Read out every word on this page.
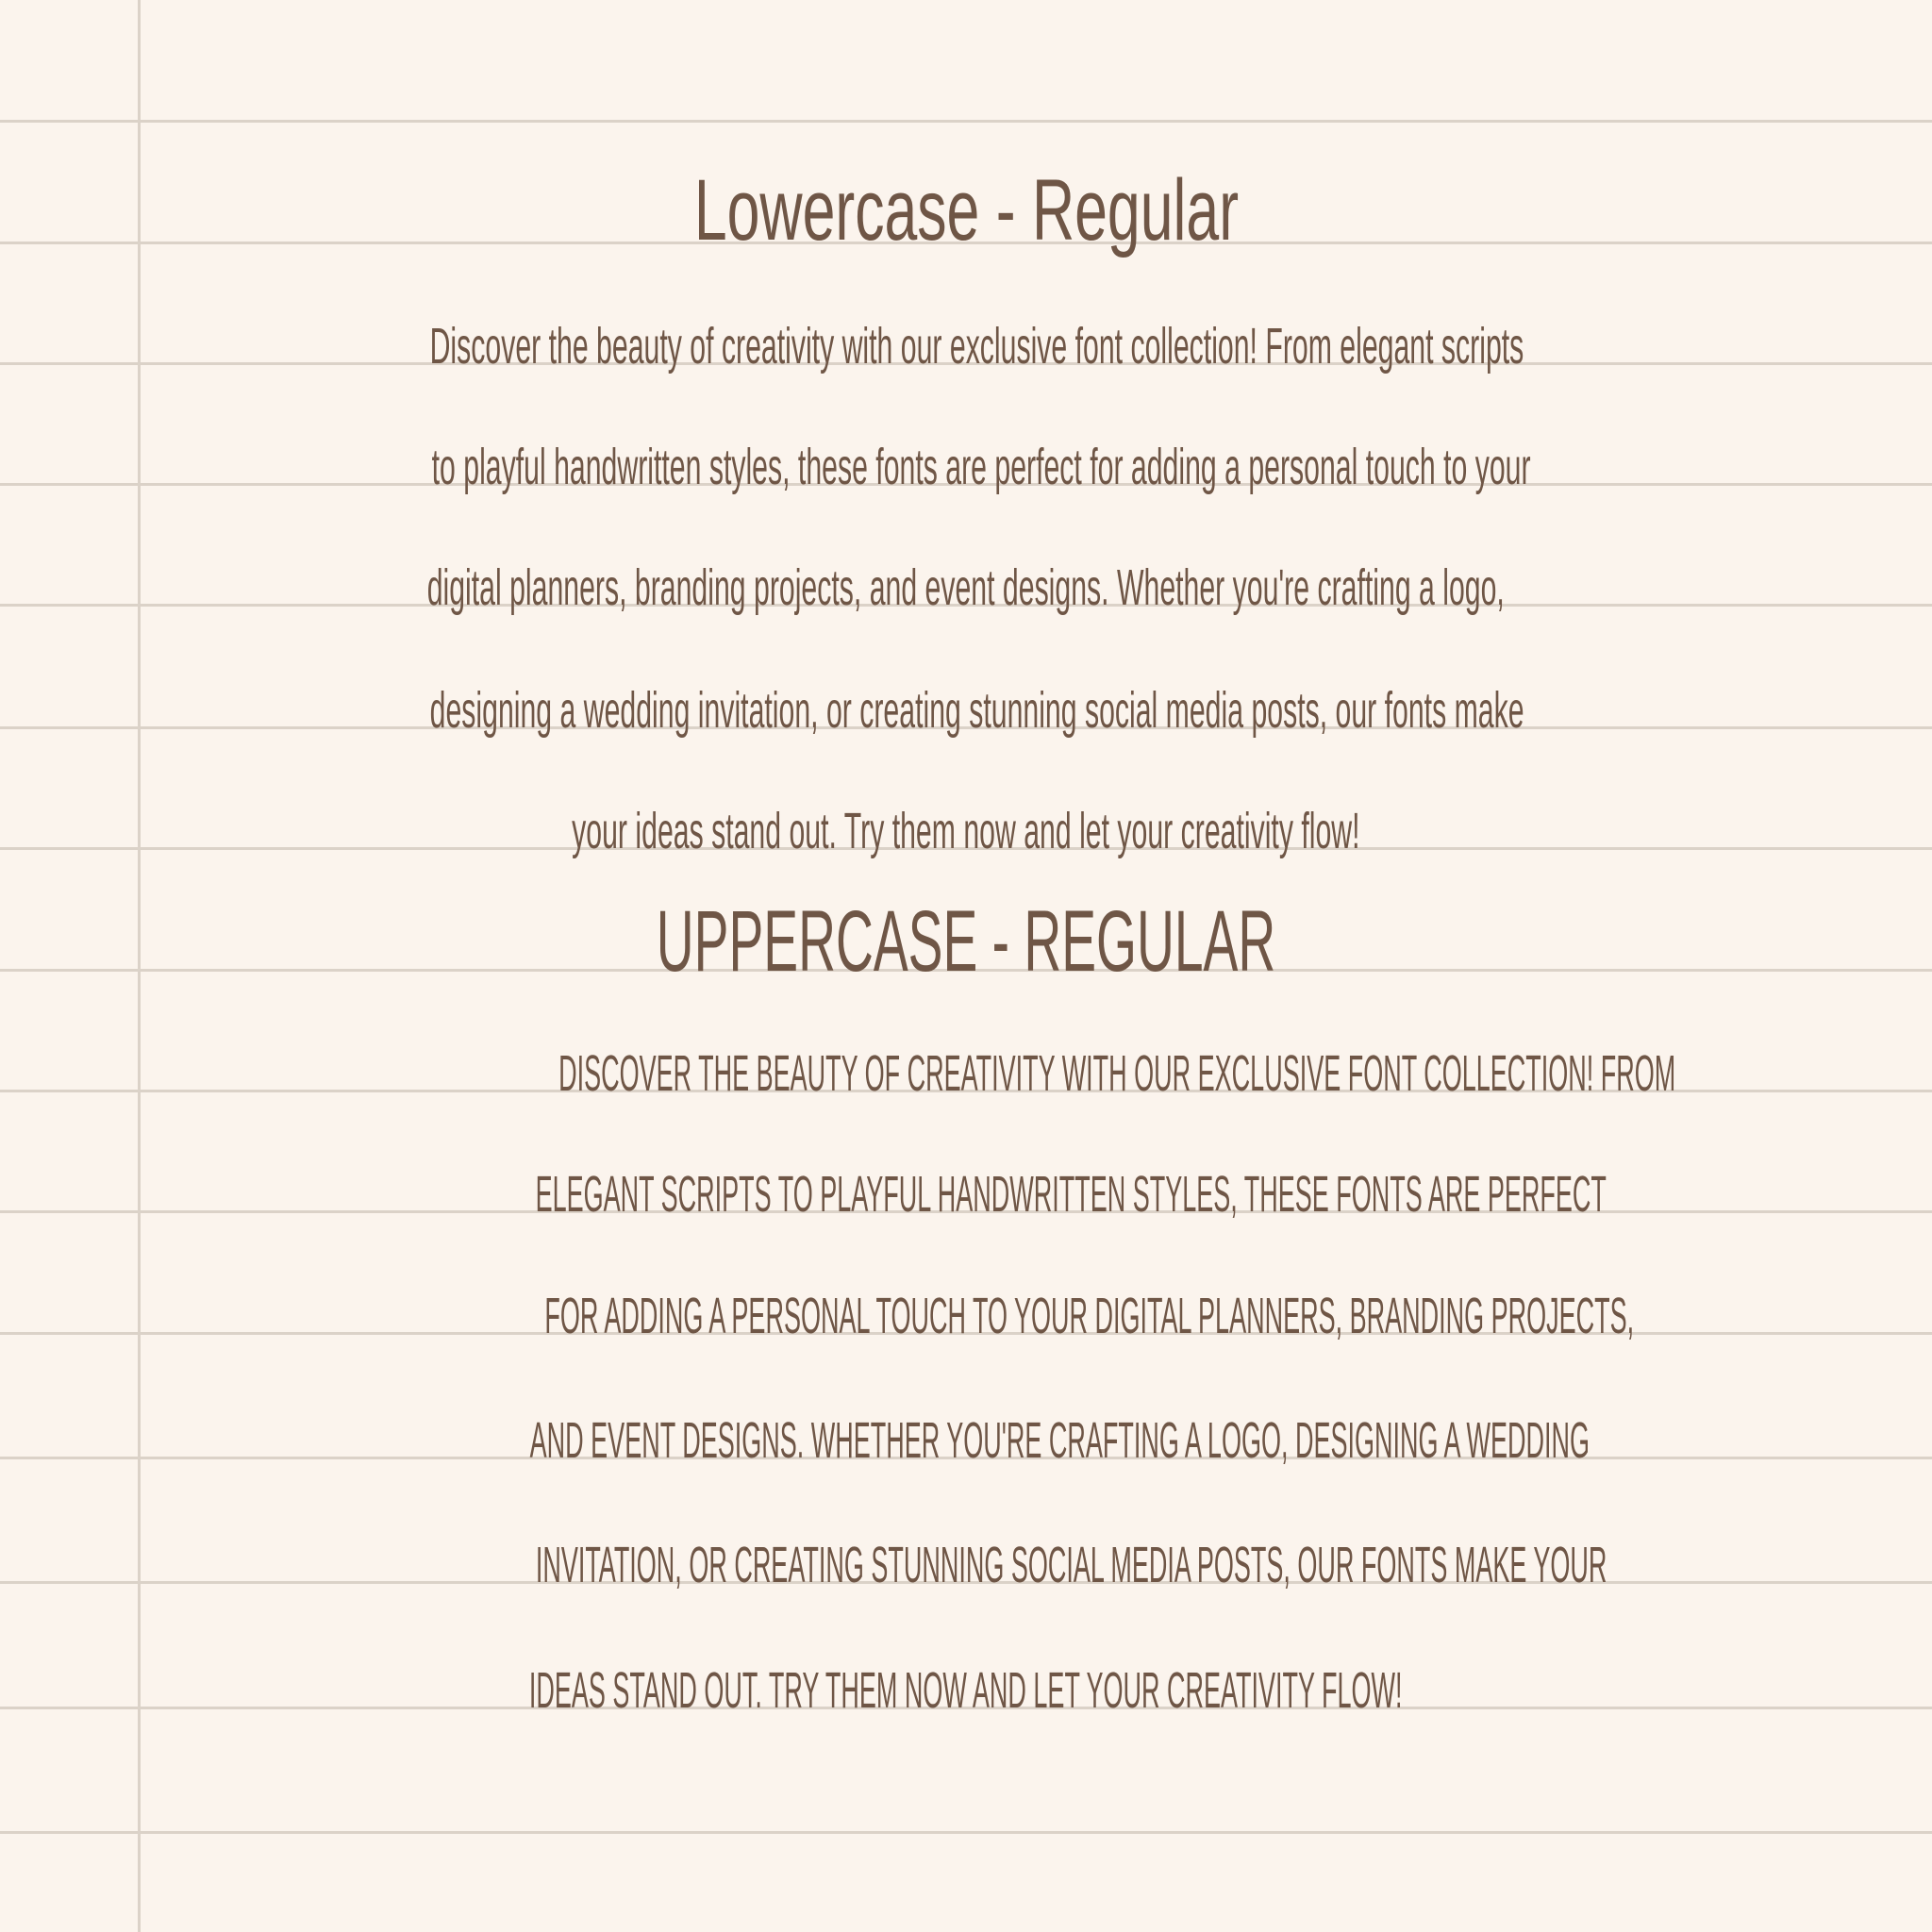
Lowercase - Regular
Discover the beauty of creativity with our exclusive font collection! From elegant scripts
to playful handwritten styles, these fonts are perfect for adding a personal touch to your
digital planners, branding projects, and event designs. Whether you're crafting a logo,
designing a wedding invitation, or creating stunning social media posts, our fonts make
your ideas stand out. Try them now and let your creativity flow!
UPPERCASE - REGULAR
DISCOVER THE BEAUTY OF CREATIVITY WITH OUR EXCLUSIVE FONT COLLECTION! FROM
ELEGANT SCRIPTS TO PLAYFUL HANDWRITTEN STYLES, THESE FONTS ARE PERFECT
FOR ADDING A PERSONAL TOUCH TO YOUR DIGITAL PLANNERS, BRANDING PROJECTS,
AND EVENT DESIGNS. WHETHER YOU'RE CRAFTING A LOGO, DESIGNING A WEDDING
INVITATION, OR CREATING STUNNING SOCIAL MEDIA POSTS, OUR FONTS MAKE YOUR
IDEAS STAND OUT. TRY THEM NOW AND LET YOUR CREATIVITY FLOW!
